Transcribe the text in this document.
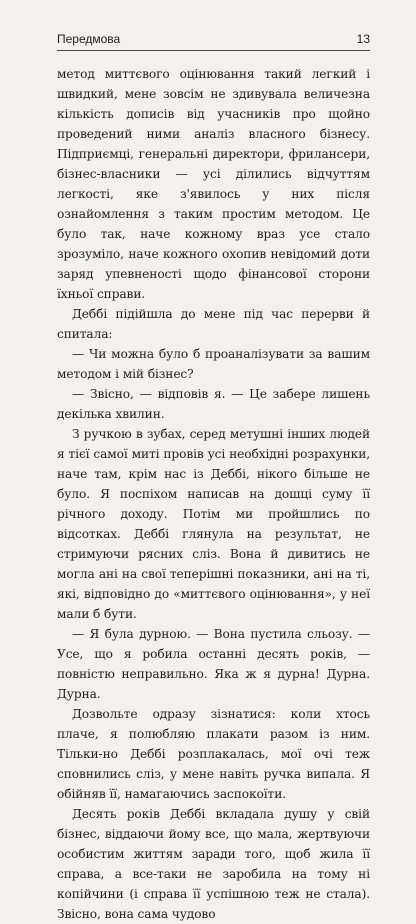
Передмова	13

метод миттєвого оцінювання такий легкий і швидкий, мене зовсім не здивувала величезна кількість дописів від учасників про щойно проведений ними аналіз власного бізнесу. Підприємці, генеральні директори, фрилансери, бізнес-власники — усі ділились відчуттям легкості, яке з'явилось у них після ознайомлення з таким простим методом. Це було так, наче кожному враз усе стало зрозуміло, наче кожного охопив невідомий доти заряд упевненості щодо фінансової сторони їхньої справи.

Деббі підійшла до мене під час перерви й спитала:

— Чи можна було б проаналізувати за вашим методом і мій бізнес?

— Звісно, — відповів я. — Це забере лишень декілька хвилин.

З ручкою в зубах, серед метушні інших людей я тієї самої миті провів усі необхідні розрахунки, наче там, крім нас із Деббі, нікого більше не було. Я поспіхом написав на дошці суму її річного доходу. Потім ми пройшлись по відсотках. Деббі глянула на результат, не стримуючи рясних сліз. Вона й дивитись не могла ані на свої теперішні показники, ані на ті, які, відповідно до «миттєвого оцінювання», у неї мали б бути.

— Я була дурною. — Вона пустила сльозу. — Усе, що я робила останні десять років, — повністю неправильно. Яка ж я дурна! Дурна. Дурна.

Дозвольте одразу зізнатися: коли хтось плаче, я полюбляю плакати разом із ним. Тільки-но Деббі розплакалась, мої очі теж сповнились сліз, у мене навіть ручка випала. Я обійняв її, намагаючись заспокоїти.

Десять років Деббі вкладала душу у свій бізнес, віддаючи йому все, що мала, жертвуючи особистим життям заради того, щоб жила її справа, а все-таки не заробила на тому ні копійчини (і справа її успішною теж не стала). Звісно, вона сама чудово
